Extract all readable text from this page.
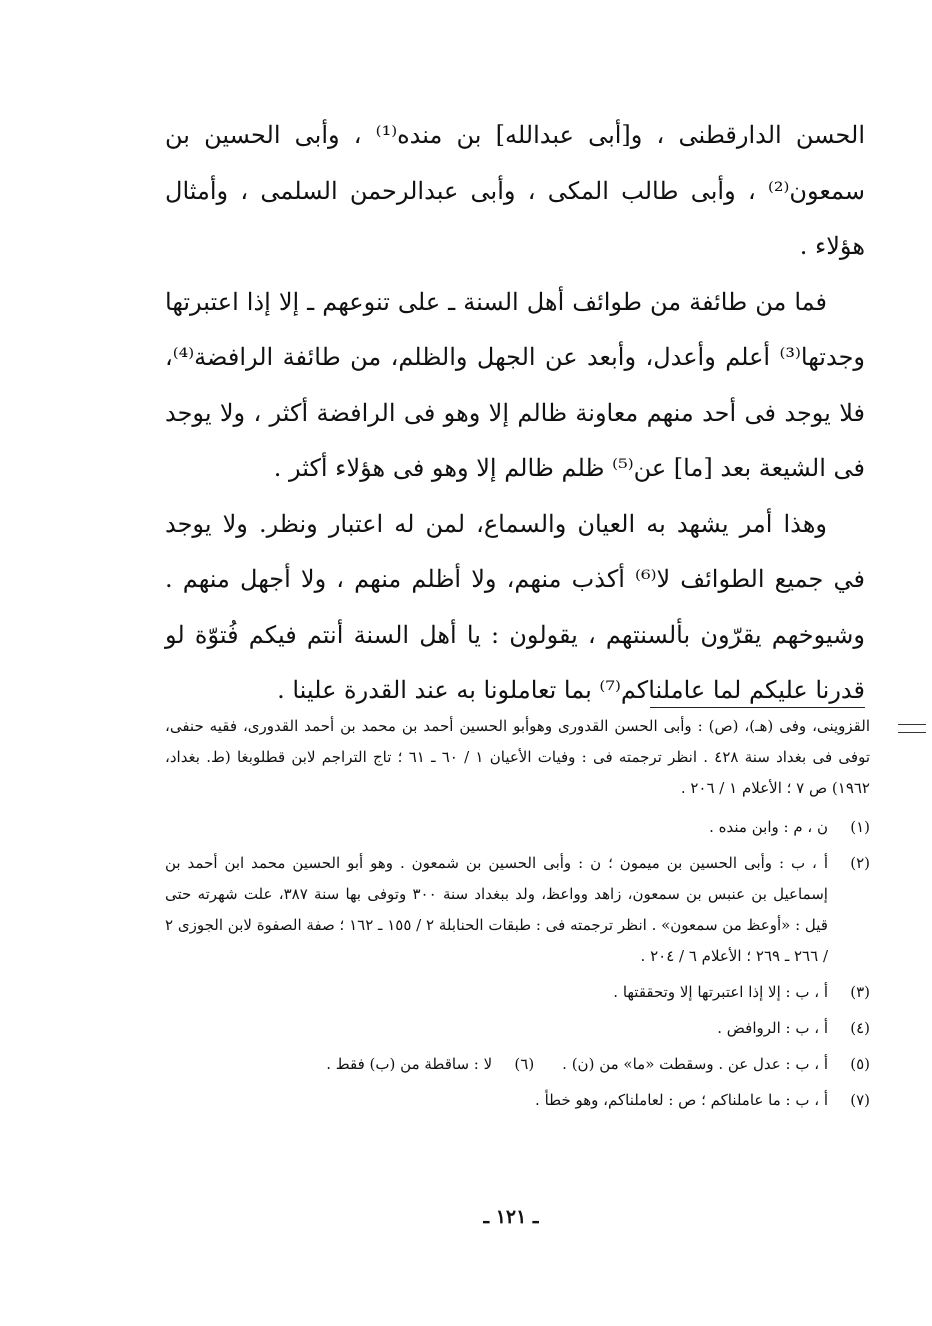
الحسن الدارقطنى ، و[أبى عبدالله] بن منده⁽¹⁾ ، وأبى الحسين بن سمعون⁽²⁾ ، وأبى طالب المكى ، وأبى عبدالرحمن السلمى ، وأمثال هؤلاء .

فما من طائفة من طوائف أهل السنة ـ على تنوعهم ـ إلا إذا اعتبرتها وجدتها⁽³⁾ أعلم وأعدل، وأبعد عن الجهل والظلم، من طائفة الرافضة⁽⁴⁾، فلا يوجد فى أحد منهم معاونة ظالم إلا وهو فى الرافضة أكثر ، ولا يوجد فى الشيعة بعد [ما] عن⁽⁵⁾ ظلم ظالم إلا وهو فى هؤلاء أكثر .

وهذا أمر يشهد به العيان والسماع، لمن له اعتبار ونظر. ولا يوجد في جميع الطوائف لا⁽⁶⁾ أكذب منهم، ولا أظلم منهم ، ولا أجهل منهم . وشيوخهم يقرّون بألسنتهم ، يقولون : يا أهل السنة أنتم فيكم فُتوّة لو قدرنا عليكم لما عاملناكم⁽⁷⁾ بما تعاملونا به عند القدرة علينا .

القزوينى، وفى (هـ)، (ص) : وأبى الحسن القدورى وهوأبو الحسين أحمد بن محمد بن أحمد القدورى، فقيه حنفى، توفى فى بغداد سنة ٤٢٨ . انظر ترجمته فى : وفيات الأعيان ١ / ٦٠ ـ ٦١ ؛ تاج التراجم لابن قطلوبغا (ط. بغداد، ١٩٦٢) ص ٧ ؛ الأعلام ١ / ٢٠٦ .

(١)
ن ، م : وابن منده .
(٢)
أ ، ب : وأبى الحسين بن ميمون ؛ ن : وأبى الحسين بن شمعون . وهو أبو الحسين محمد ابن أحمد بن إسماعيل بن عنبس بن سمعون، زاهد وواعظ، ولد ببغداد سنة ٣٠٠ وتوفى بها سنة ٣٨٧، علت شهرته حتى قيل : «أوعظ من سمعون» . انظر ترجمته فى : طبقات الحنابلة ٢ / ١٥٥ ـ ١٦٢ ؛ صفة الصفوة لابن الجوزى ٢ / ٢٦٦ ـ ٢٦٩ ؛ الأعلام ٦ / ٢٠٤ .
(٣)
أ ، ب : إلا إذا اعتبرتها إلا وتحققتها .
(٤)
أ ، ب : الروافض .
(٥)
أ ، ب : عدل عن . وسقطت «ما» من (ن) .
(٦)
لا : ساقطة من (ب) فقط .
(٧)
أ ، ب : ما عاملناكم ؛ ص : لعاملناكم، وهو خطأ .
ـ ١٢١ ـ
